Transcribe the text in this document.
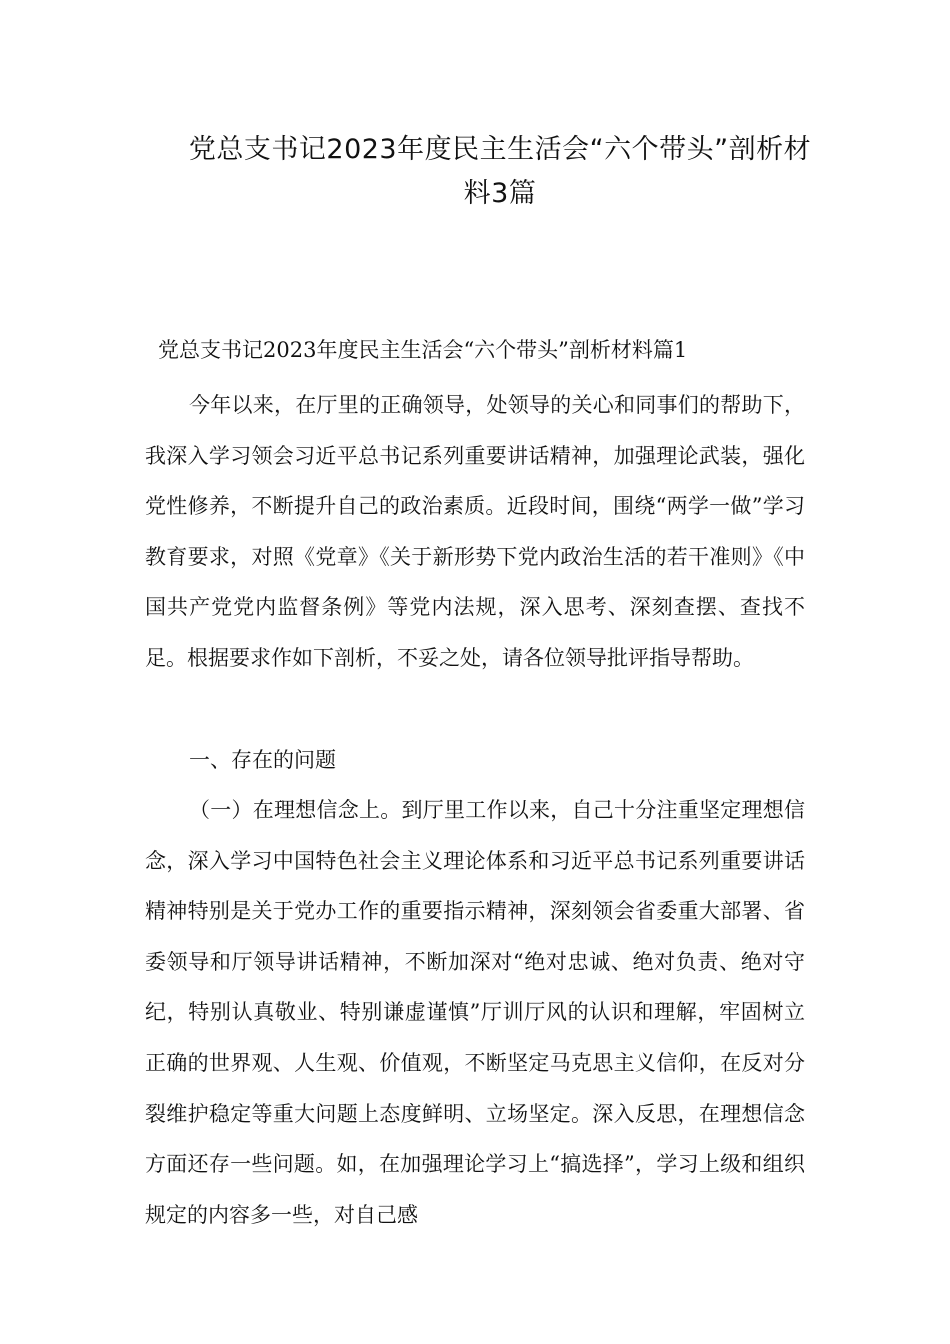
党总支书记2023年度民主生活会“六个带头”剖析材
料3篇
党总支书记2023年度民主生活会“六个带头”剖析材料篇1
今年以来，在厅里的正确领导，处领导的关心和同事们的帮助下，我深入学习领会习近平总书记系列重要讲话精神，加强理论武装，强化党性修养，不断提升自己的政治素质。近段时间，围绕“两学一做”学习教育要求，对照《党章》《关于新形势下党内政治生活的若干准则》《中国共产党党内监督条例》等党内法规，深入思考、深刻查摆、查找不足。根据要求作如下剖析，不妥之处，请各位领导批评指导帮助。
一、存在的问题
（一）在理想信念上。到厅里工作以来，自己十分注重坚定理想信念，深入学习中国特色社会主义理论体系和习近平总书记系列重要讲话精神特别是关于党办工作的重要指示精神，深刻领会省委重大部署、省委领导和厅领导讲话精神，不断加深对“绝对忠诚、绝对负责、绝对守纪，特别认真敬业、特别谦虚谨慎”厅训厅风的认识和理解，牢固树立正确的世界观、人生观、价值观，不断坚定马克思主义信仰，在反对分裂维护稳定等重大问题上态度鲜明、立场坚定。深入反思，在理想信念方面还存一些问题。如，在加强理论学习上“搞选择”，学习上级和组织规定的内容多一些，对自己感
